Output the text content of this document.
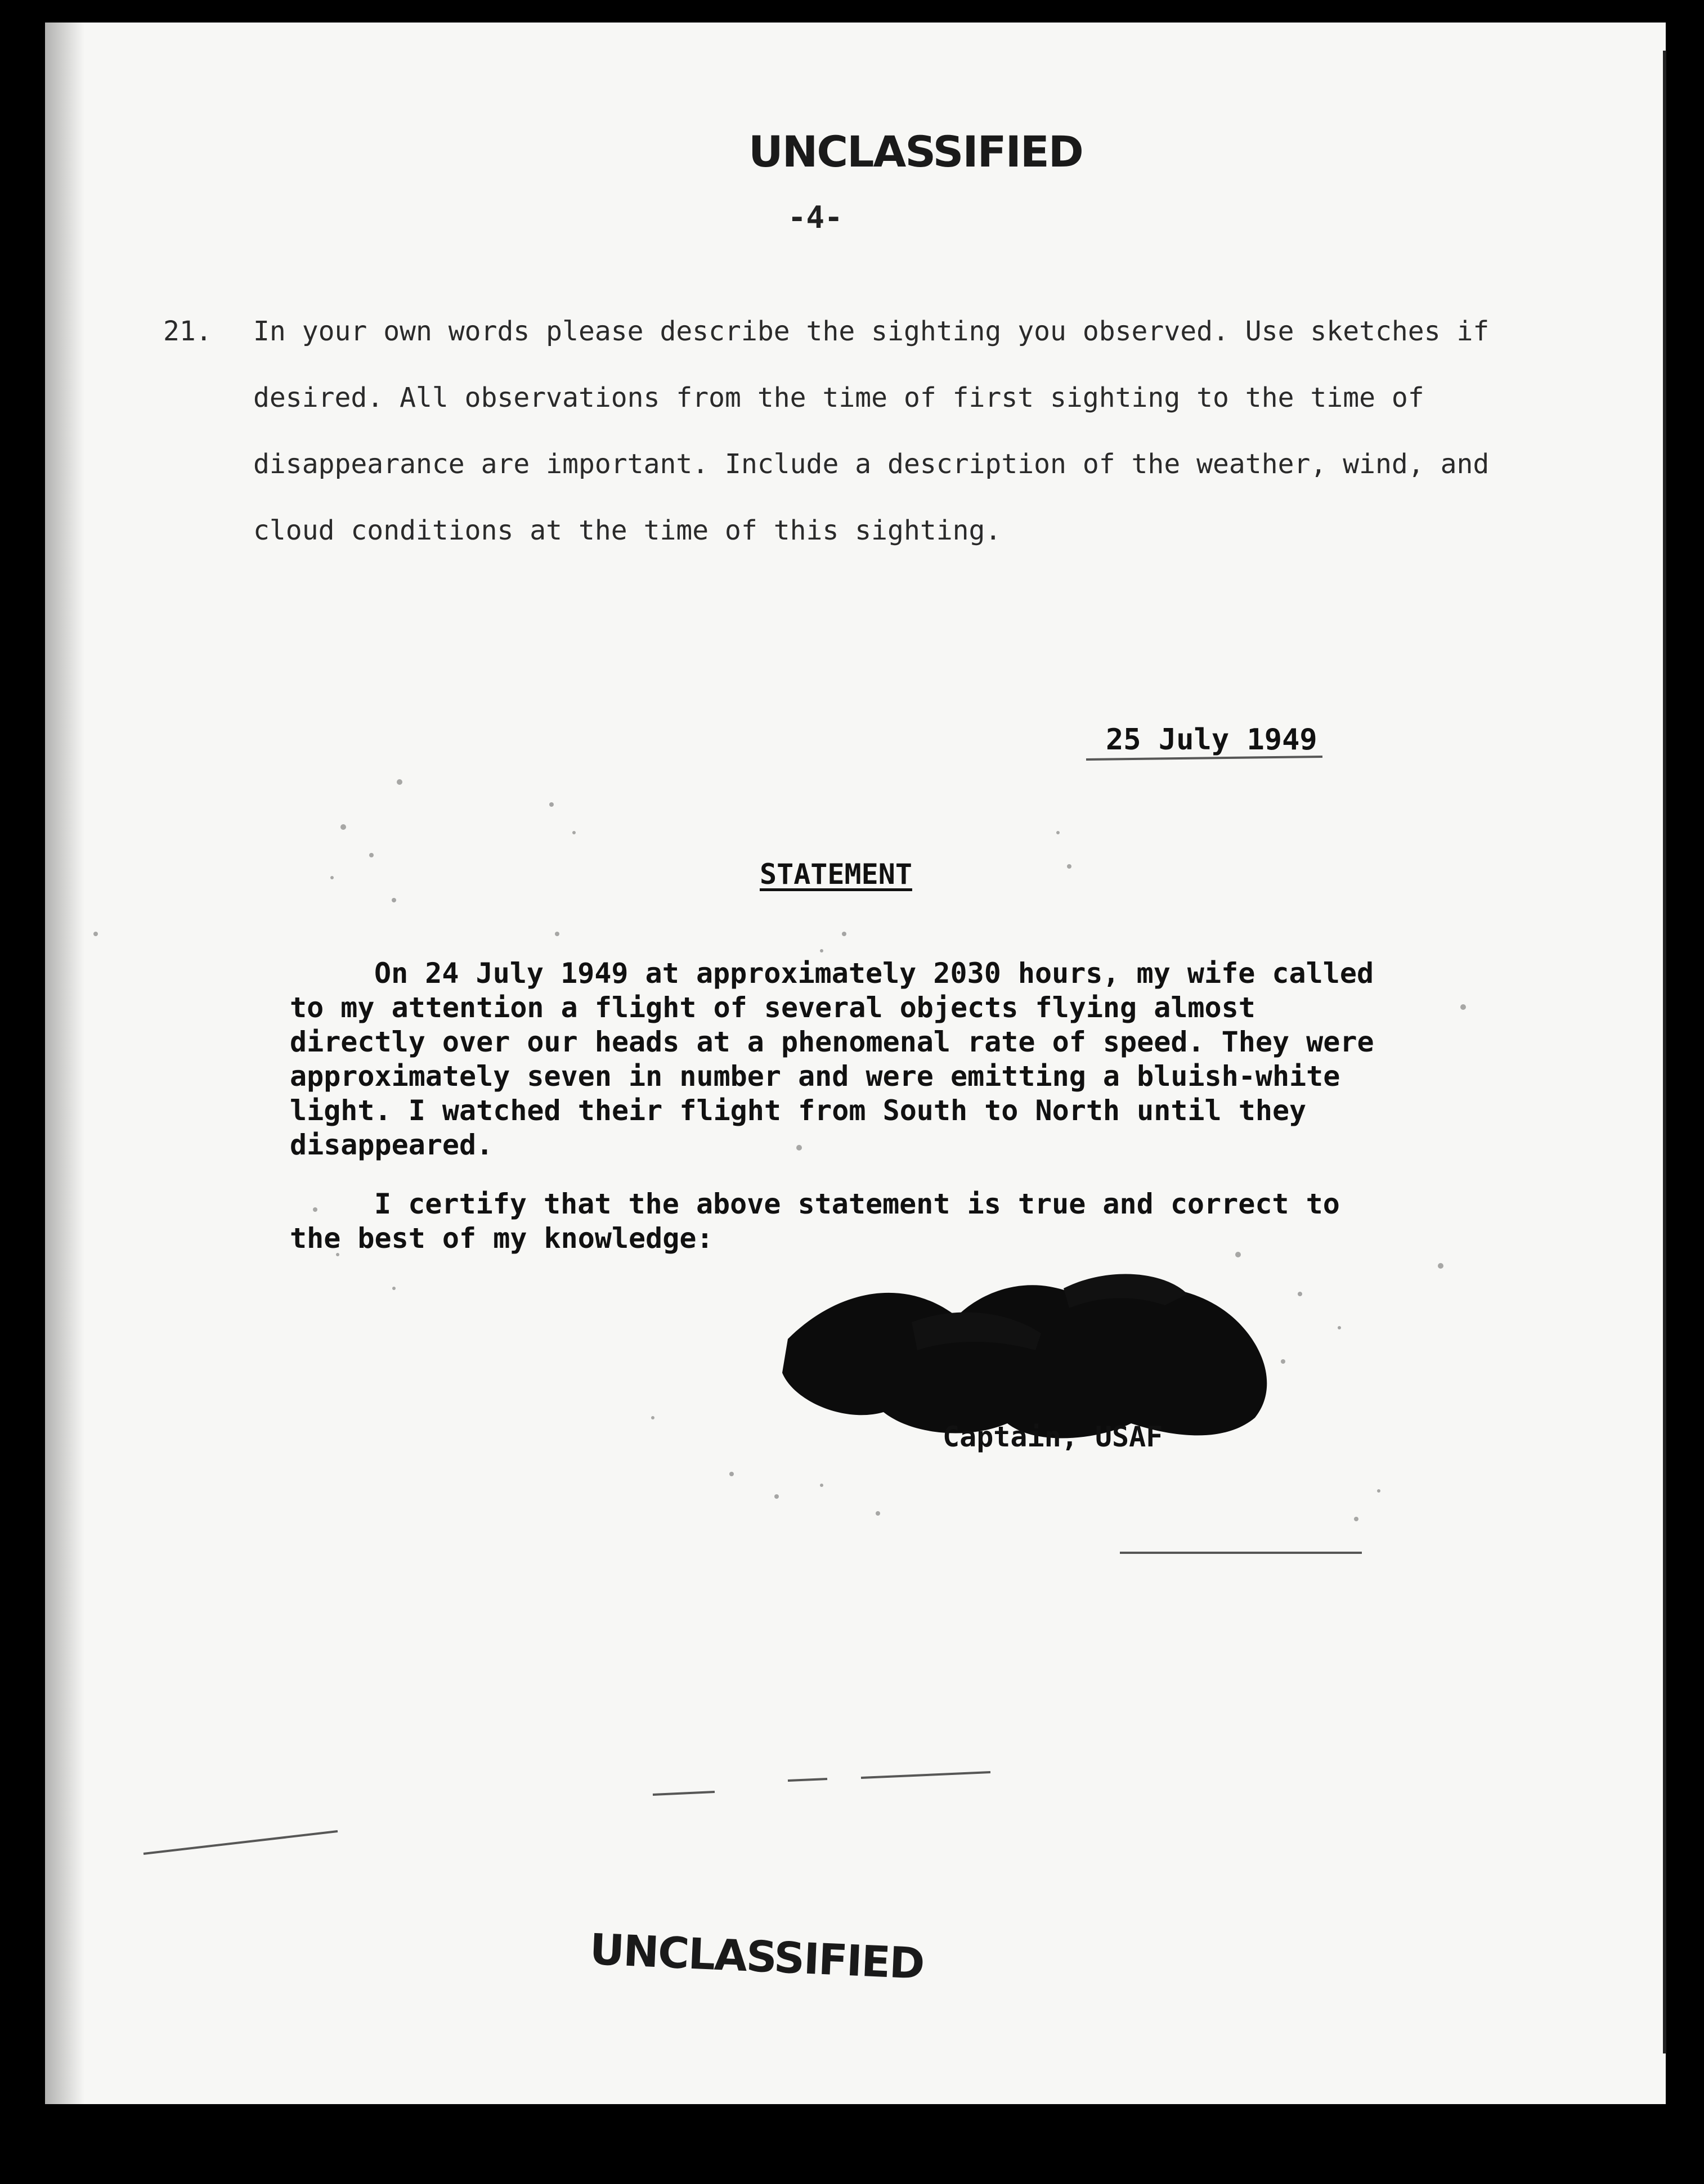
UNCLASSIFIED
-4-
21. In your own words please describe the sighting you observed. Use sketches if desired. All observations from the time of first sighting to the time of disappearance are important. Include a description of the weather, wind, and cloud conditions at the time of this sighting.
25 July 1949
STATEMENT
On 24 July 1949 at approximately 2030 hours, my wife called to my attention a flight of several objects flying almost directly over our heads at a phenomenal rate of speed. They were approximately seven in number and were emitting a bluish-white light. I watched their flight from South to North until they disappeared.
I certify that the above statement is true and correct to the best of my knowledge:
Captain, USAF
UNCLASSIFIED
